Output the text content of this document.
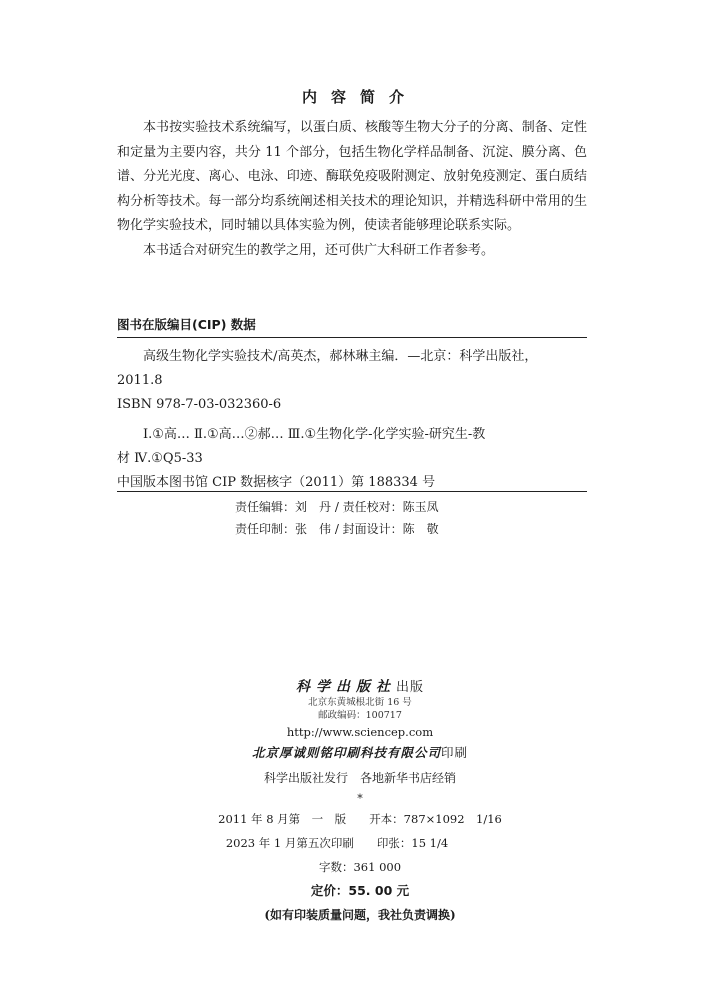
内容简介

本书按实验技术系统编写，以蛋白质、核酸等生物大分子的分离、制备、定性和定量为主要内容，共分 11 个部分，包括生物化学样品制备、沉淀、膜分离、色谱、分光光度、离心、电泳、印迹、酶联免疫吸附测定、放射免疫测定、蛋白质结构分析等技术。每一部分均系统阐述相关技术的理论知识，并精选科研中常用的生物化学实验技术，同时辅以具体实验为例，使读者能够理论联系实际。

本书适合对研究生的教学之用，还可供广大科研工作者参考。

图书在版编目(CIP) 数据
高级生物化学实验技术/高英杰，郝林琳主编．—北京：科学出版社，
2011.8
ISBN 978-7-03-032360-6
Ⅰ.①高… Ⅱ.①高…②郝… Ⅲ.①生物化学-化学实验-研究生-教
材 Ⅳ.①Q5-33
中国版本图书馆 CIP 数据核字（2011）第 188334 号
责任编辑：刘　丹 / 责任校对：陈玉凤
责任印制：张　伟 / 封面设计：陈　敬
科学出版社出版
北京东黄城根北街 16 号
邮政编码：100717
http://www.sciencep.com
北京厚诚则铭印刷科技有限公司印刷
科学出版社发行　各地新华书店经销
*
2011 年 8 月第　一　版　　 开本：787×1092　1/16
2023 年 1 月第五次印刷　　 印张：15 1/4　　　　
字数：361 000
定价：55. 00 元
(如有印装质量问题，我社负责调换)
